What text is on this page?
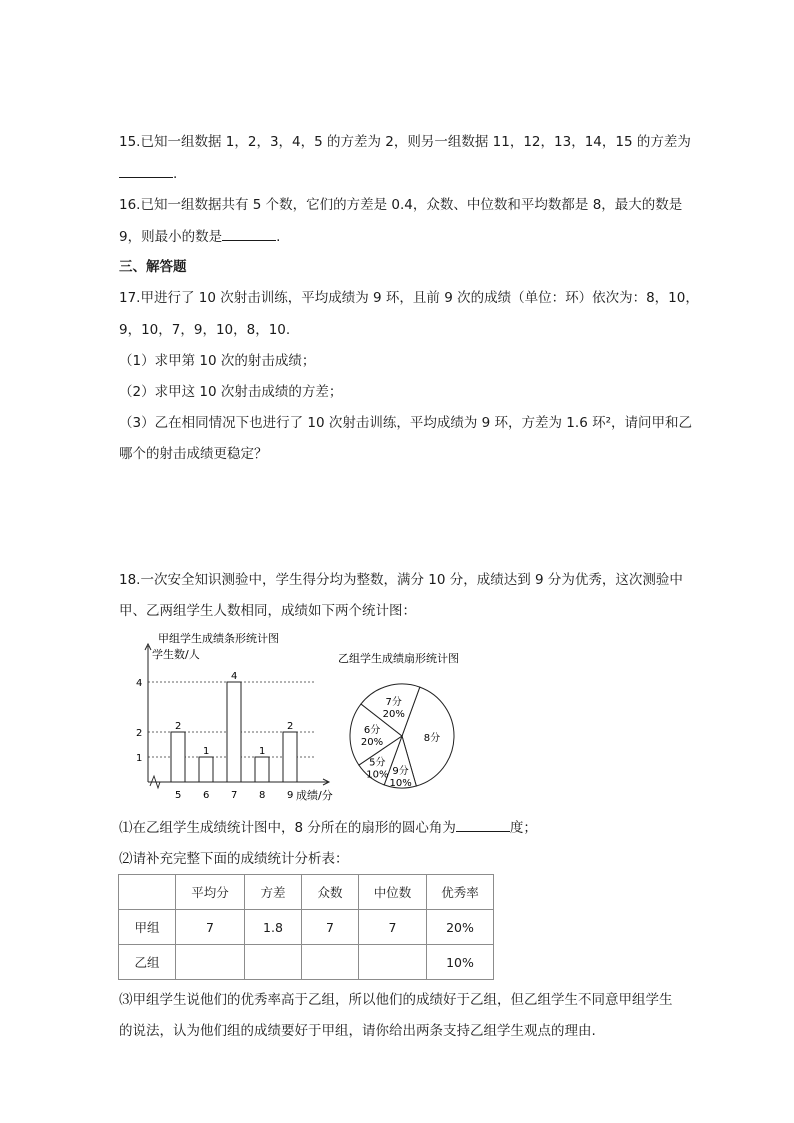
15.已知一组数据 1，2，3，4，5 的方差为 2，则另一组数据 11，12，13，14，15 的方差为
.
16.已知一组数据共有 5 个数，它们的方差是 0.4，众数、中位数和平均数都是 8，最大的数是
9，则最小的数是	.
三、解答题
17.甲进行了 10 次射击训练，平均成绩为 9 环，且前 9 次的成绩（单位：环）依次为：8，10，
9，10，7，9，10，8，10.
（1）求甲第 10 次的射击成绩；
（2）求甲这 10 次射击成绩的方差；
（3）乙在相同情况下也进行了 10 次射击训练，平均成绩为 9 环，方差为 1.6 环²，请问甲和乙
哪个的射击成绩更稳定？
18.一次安全知识测验中，学生得分均为整数，满分 10 分，成绩达到 9 分为优秀，这次测验中
甲、乙两组学生人数相同，成绩如下两个统计图：
甲组学生成绩条形统计图
学生数/人
成绩/分
1
2
4
2
5
1
6
4
7
1
8
2
9
乙组学生成绩扇形统计图
8分
9分
10%
5分
10%
6分
20%
7分
20%
⑴在乙组学生成绩统计图中，8 分所在的扇形的圆心角为	度；
⑵请补充完整下面的成绩统计分析表：
	平均分	方差	众数	中位数	优秀率
甲组	7	1.8	7	7	20%
乙组					10%
⑶甲组学生说他们的优秀率高于乙组，所以他们的成绩好于乙组，但乙组学生不同意甲组学生
的说法，认为他们组的成绩要好于甲组，请你给出两条支持乙组学生观点的理由.
